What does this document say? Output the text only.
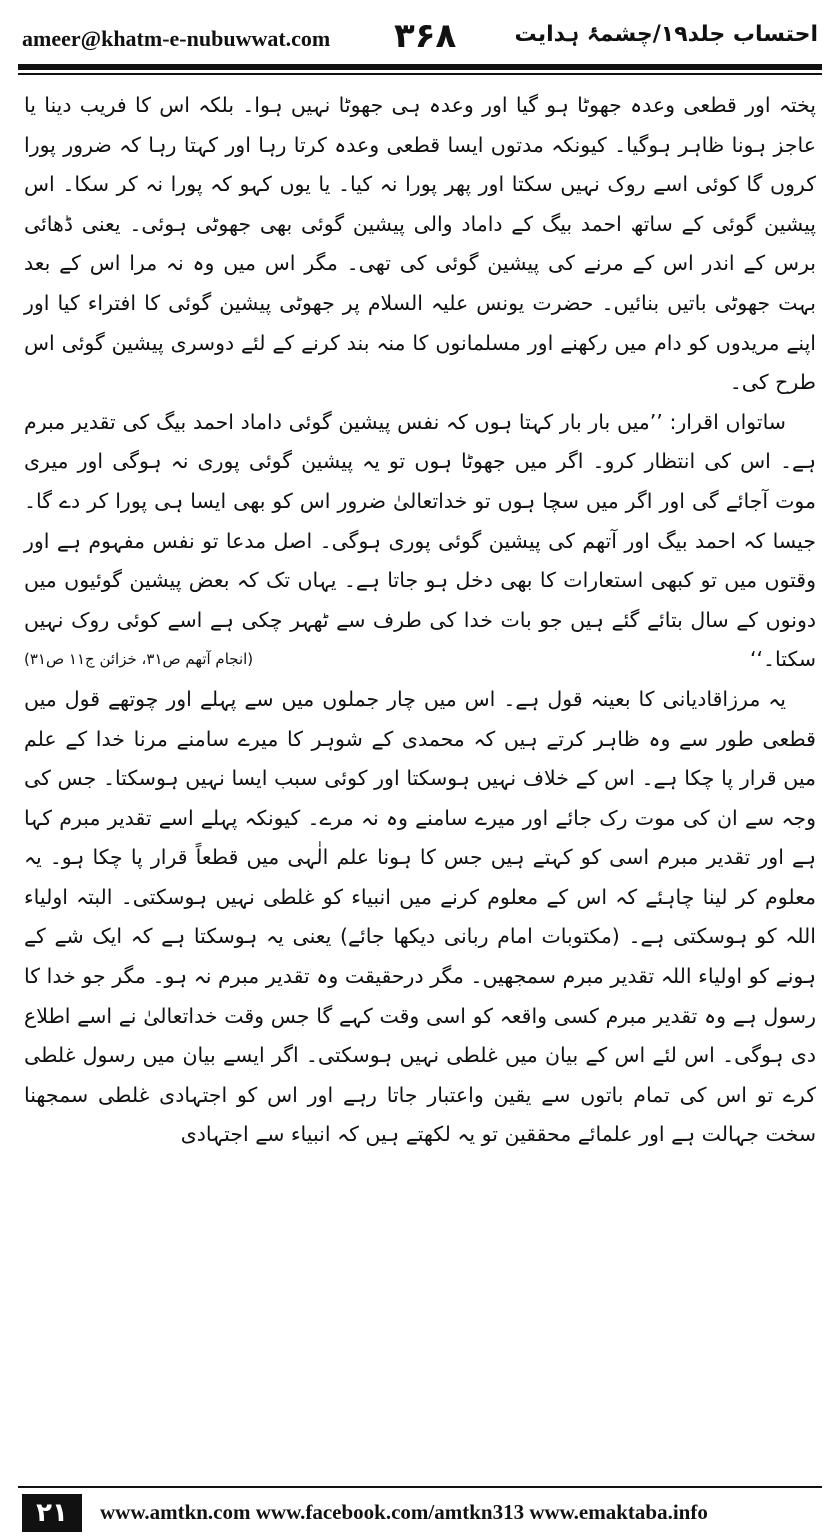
ameer@khatm-e-nubuwwat.com ۳۶۸	احتساب جلد۱۹/چشمۂ ہدایت

پختہ اور قطعی وعدہ جھوٹا ہو گیا اور وعدہ ہی جھوٹا نہیں ہوا۔ بلکہ اس کا فریب دینا یا عاجز ہونا ظاہر ہوگیا۔ کیونکہ مدتوں ایسا قطعی وعدہ کرتا رہا اور کہتا رہا کہ ضرور پورا کروں گا کوئی اسے روک نہیں سکتا اور پھر پورا نہ کیا۔ یا یوں کہو کہ پورا نہ کر سکا۔ اس پیشین گوئی کے ساتھ احمد بیگ کے داماد والی پیشین گوئی بھی جھوٹی ہوئی۔ یعنی ڈھائی برس کے اندر اس کے مرنے کی پیشین گوئی کی تھی۔ مگر اس میں وہ نہ مرا اس کے بعد بہت جھوٹی باتیں بنائیں۔ حضرت یونس علیہ السلام پر جھوٹی پیشین گوئی کا افتراء کیا اور اپنے مریدوں کو دام میں رکھنے اور مسلمانوں کا منہ بند کرنے کے لئے دوسری پیشین گوئی اس طرح کی۔

ساتواں اقرار: ’’میں بار بار کہتا ہوں کہ نفس پیشین گوئی داماد احمد بیگ کی تقدیر مبرم ہے۔ اس کی انتظار کرو۔ اگر میں جھوٹا ہوں تو یہ پیشین گوئی پوری نہ ہوگی اور میری موت آجائے گی اور اگر میں سچا ہوں تو خداتعالیٰ ضرور اس کو بھی ایسا ہی پورا کر دے گا۔ جیسا کہ احمد بیگ اور آتھم کی پیشین گوئی پوری ہوگی۔ اصل مدعا تو نفس مفہوم ہے اور وقتوں میں تو کبھی استعارات کا بھی دخل ہو جاتا ہے۔ یہاں تک کہ بعض پیشین گوئیوں میں دونوں کے سال بتائے گئے ہیں جو بات خدا کی طرف سے ٹھہر چکی ہے اسے کوئی روک نہیں سکتا۔‘‘
(انجام آتھم ص۳۱، خزائن ج۱۱ ص۳۱)

یہ مرزاقادیانی کا بعینہ قول ہے۔ اس میں چار جملوں میں سے پہلے اور چوتھے قول میں قطعی طور سے وہ ظاہر کرتے ہیں کہ محمدی کے شوہر کا میرے سامنے مرنا خدا کے علم میں قرار پا چکا ہے۔ اس کے خلاف نہیں ہوسکتا اور کوئی سبب ایسا نہیں ہوسکتا۔ جس کی وجہ سے ان کی موت رک جائے اور میرے سامنے وہ نہ مرے۔ کیونکہ پہلے اسے تقدیر مبرم کہا ہے اور تقدیر مبرم اسی کو کہتے ہیں جس کا ہونا علم الٰہی میں قطعاً قرار پا چکا ہو۔ یہ معلوم کر لینا چاہئے کہ اس کے معلوم کرنے میں انبیاء کو غلطی نہیں ہوسکتی۔ البتہ اولیاء اللہ کو ہوسکتی ہے۔ (مکتوبات امام ربانی دیکھا جائے) یعنی یہ ہوسکتا ہے کہ ایک شے کے ہونے کو اولیاء اللہ تقدیر مبرم سمجھیں۔ مگر درحقیقت وہ تقدیر مبرم نہ ہو۔ مگر جو خدا کا رسول ہے وہ تقدیر مبرم کسی واقعہ کو اسی وقت کہے گا جس وقت خداتعالیٰ نے اسے اطلاع دی ہوگی۔ اس لئے اس کے بیان میں غلطی نہیں ہوسکتی۔ اگر ایسے بیان میں رسول غلطی کرے تو اس کی تمام باتوں سے یقین واعتبار جاتا رہے اور اس کو اجتہادی غلطی سمجھنا سخت جہالت ہے اور علمائے محققین تو یہ لکھتے ہیں کہ انبیاء سے اجتہادی

۲۱	www.amtkn.com www.facebook.com/amtkn313 www.emaktaba.info
